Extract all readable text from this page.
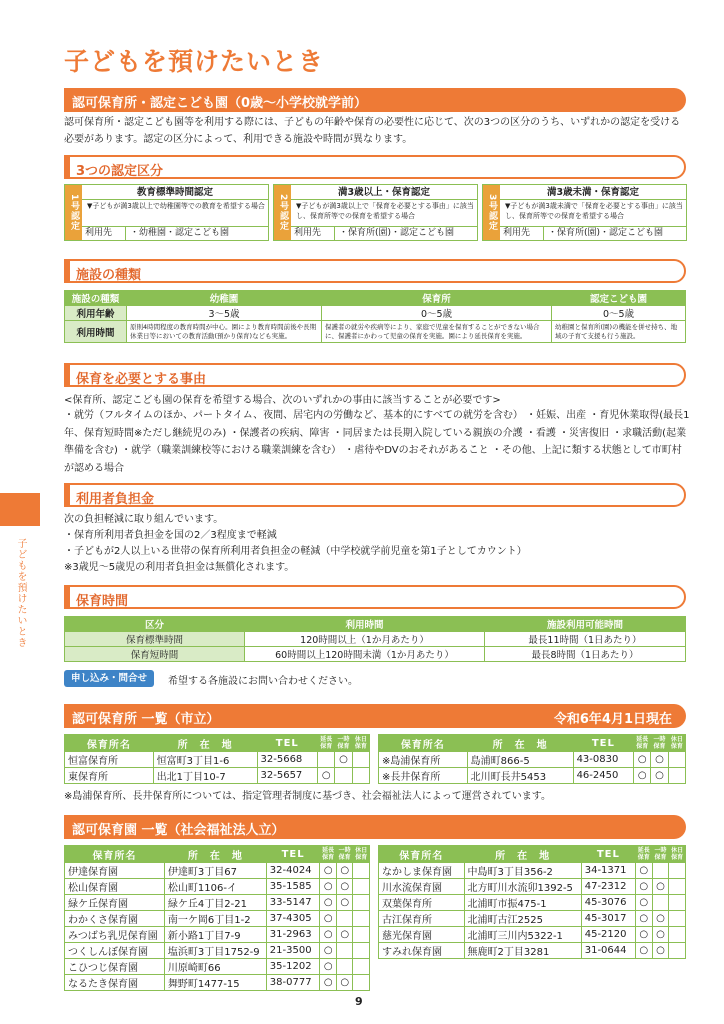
子どもを預けたいとき
子どもを預けたいとき
認可保育所・認定こども園（0歳～小学校就学前）
認可保育所・認定こども園等を利用する際には、子どもの年齢や保育の必要性に応じて、次の3つの区分のうち、いずれかの認定を受ける必要があります。認定の区分によって、利用できる施設や時間が異なります。
3つの認定区分
1号認定
教育標準時間認定
▼子どもが満3歳以上で幼稚園等での教育を希望する場合
利用先 ・幼稚園・認定こども園
2号認定
満3歳以上・保育認定
▼子どもが満3歳以上で「保育を必要とする事由」に該当し、保育所等での保育を希望する場合
利用先 ・保育所(園)・認定こども園
3号認定
満3歳未満・保育認定
▼子どもが満3歳未満で「保育を必要とする事由」に該当し、保育所等での保育を希望する場合
利用先 ・保育所(園)・認定こども園
施設の種類
施設の種類	幼稚園	保育所	認定こども園
利用年齢	3～5歳	0～5歳	0～5歳
利用時間	原則4時間程度の教育時間が中心。園により教育時間前後や長期休業日等においての教育活動(預かり保育)なども実施。	保護者の就労や疾病等により、家庭で児童を保育することができない場合に、保護者にかわって児童の保育を実施。園により延長保育を実施。	幼稚園と保育所(園)の機能を併せ持ち、地域の子育て支援も行う施設。
保育を必要とする事由
<保育所、認定こども園の保育を希望する場合、次のいずれかの事由に該当することが必要です>
・就労（フルタイムのほか、パートタイム、夜間、居宅内の労働など、基本的にすべての就労を含む） ・妊娠、出産 ・育児休業取得(最長1年、保育短時間※ただし継続児のみ) ・保護者の疾病、障害 ・同居または長期入院している親族の介護 ・看護 ・災害復旧 ・求職活動(起業準備を含む) ・就学（職業訓練校等における職業訓練を含む） ・虐待やDVのおそれがあること ・その他、上記に類する状態として市町村が認める場合
利用者負担金
次の負担軽減に取り組んでいます。
・保育所利用者負担金を国の2／3程度まで軽減
・子どもが2人以上いる世帯の保育所利用者負担金の軽減（中学校就学前児童を第1子としてカウント）
※3歳児～5歳児の利用者負担金は無償化されます。
保育時間
区分	利用時間	施設利用可能時間
保育標準時間	120時間以上（1か月あたり）	最長11時間（1日あたり）
保育短時間	60時間以上120時間未満（1か月あたり）	最長8時間（1日あたり）
申し込み・問合せ	希望する各施設にお問い合わせください。
認可保育所 一覧（市立）	令和6年4月1日現在
保育所名	所　在　地	TEL	延長保育	一時保育	休日保育
恒富保育所	恒富町3丁目1-6	32-5668		○	
東保育所	出北1丁目10-7	32-5657	○		
保育所名	所　在　地	TEL	延長保育	一時保育	休日保育
※島浦保育所	島浦町866-5	43-0830	○	○	
※長井保育所	北川町長井5453	46-2450	○	○	
※島浦保育所、長井保育所については、指定管理者制度に基づき、社会福祉法人によって運営されています。
認可保育園 一覧（社会福祉法人立）
保育所名	所　在　地	TEL	延長保育	一時保育	休日保育
伊達保育園	伊達町3丁目67	32-4024	○	○	
松山保育園	松山町1106-イ	35-1585	○	○	
緑ケ丘保育園	緑ケ丘4丁目2-21	33-5147	○	○	
わかくさ保育園	南一ケ岡6丁目1-2	37-4305	○		
みつばち乳児保育園	新小路1丁目7-9	31-2963	○	○	
つくしんぼ保育園	塩浜町3丁目1752-9	21-3500	○		
こひつじ保育園	川原崎町66	35-1202	○		
なるたき保育園	舞野町1477-15	38-0777	○	○	
保育所名	所　在　地	TEL	延長保育	一時保育	休日保育
なかしま保育園	中島町3丁目356-2	34-1371	○		
川水流保育園	北方町川水流卯1392-5	47-2312	○	○	
双葉保育所	北浦町市振475-1	45-3076	○		
古江保育所	北浦町古江2525	45-3017	○	○	
慈光保育園	北浦町三川内5322-1	45-2120	○	○	
すみれ保育園	無鹿町2丁目3281	31-0644	○	○	
9
